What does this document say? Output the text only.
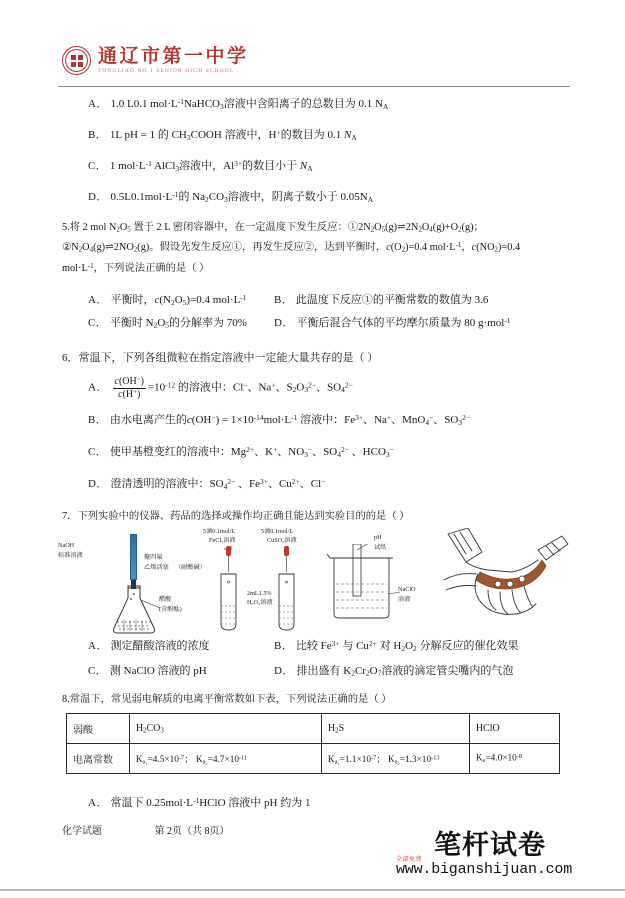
通辽市第一中学
TONGLIAO NO.1 SENIOR HIGH SCHOOL
A． 1.0 L0.1 $mol\cdot L^{-1}NaHCO_3$溶液中含阳离子的总数目为 0.1 $N_A$
B． 1L pH = 1 的 $CH_3COOH$ 溶液中，H+的数目为 0.1 $N_A$
C． 1 $mol\cdot L^{-1}$ AlCl$_3$溶液中，$Al^{3+}$的数目小于 $N_A$
D． $0.5L0.1mol\cdot L^{-1}$的 $Na_2CO_3$溶液中，阴离子数小于 $0.05N_A$
5.将 2 mol $N_2O_5$ 置于 2 L 密闭容器中，在一定温度下发生反应：$①2N_2O_5(g)\rightleftharpoons 2N_2O_4(g)+O_2(g)$；
$②N_2O_4(g)\rightleftharpoons 2NO_2(g)$。假设先发生反应①，再发生反应②，达到平衡时，$c(O_2)=0.4$ $mol\cdot L^{-1}$，$c(NO_2)=0.4$
$mol\cdot L^{-1}$，下列说法正确的是（ ）
A． 平衡时，$c(N_2O_5)=0.4$ $mol\cdot L^{-1}$ B． 此温度下反应①的平衡常数的数值为 3.6
C． 平衡时 $N_2O_5$的分解率为 70% D． 平衡后混合气体的平均摩尔质量为 80 g·mol$^{-1}$
6．常温下，下列各组微粒在指定溶液中一定能大量共存的是（ ）
A． $\frac{c(OH^-)}{c(H^+)} =10^{-12}$ 的溶液中：Cl−、Na+、$S_2O_3^{2-}$、$SO_4^{2-}$
B． 由水电离产生的$c(OH^-) = 1\times 10^{-14}mol\cdot L^{-1}$ 溶液中：$Fe^{3+}$、Na+、MnO$_4$−、$SO_3^{2-}$
C． 使甲基橙变红的溶液中：$Mg^{2+}$、K+、$NO_3^-$、$SO_4^{2-}$ 、$HCO_3^-$
D． 澄清透明的溶液中：$SO_4^{2-}$ 、$Fe^{3+}$、$Cu^{2+}$、Cl−
7．下列实验中的仪器、药品的选择或操作均正确且能达到实验目的的是（ ）
NaOH
标准溶液	聚四氟
乙烯活塞 （耐酸碱）
醋酸
(含酚酞)
5滴0.1mol/L
FeCl₃溶液
5滴0.1mol/L
CuSO₄溶液
2mL1.5%
H₂O₂溶液
pH
试纸
NaClO
溶液
A． 测定醋酸溶液的浓度	B． 比较 $Fe^{3+}$ 与 $Cu^{2+}$ 对 $H_2O_2$ 分解反应的催化效果
C． 测 NaClO 溶液的 pH	D． 排出盛有 $K_2Cr_2O_7$溶液的滴定管尖嘴内的气泡
8.常温下，常见弱电解质的电离平衡常数如下表，下列说法正确的是（ ）
弱酸	$H_2CO_3$	$H_2S$	HClO
电离常数	$K_{a_1}=4.5\times 10^{-7}$； $K_{a_2}=4.7\times 10^{-11}$	$K_{a_1}=1.1\times 10^{-7}$； $K_{a_2}=1.3\times 10^{-13}$	$K_a=4.0\times 10^{-8}$
A． 常温下 $0.25mol\cdot L^{-1}HClO$ 溶液中 pH 约为 1
化学试题	第 2页（共 8页）
全部免费 笔杆试卷
www.biganshijuan.com
